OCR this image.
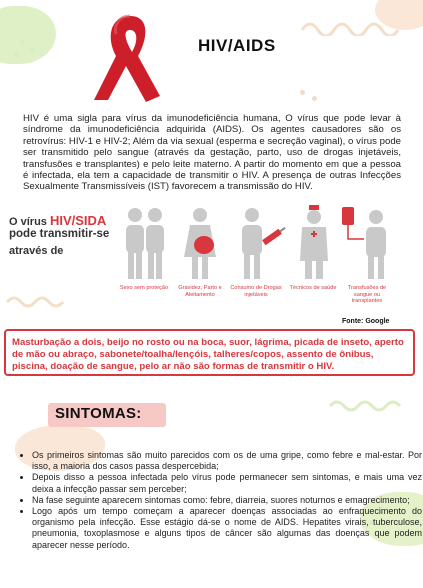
HIV/AIDS
HIV é uma sigla para vírus da imunodeficiência humana, O vírus que pode levar à síndrome da imunodeficiência adquirida (AIDS). Os agentes causadores são os retrovírus: HIV-1 e HIV-2; Além da via sexual (esperma e secreção vaginal), o vírus pode ser transmitido pelo sangue (através da gestação, parto, uso de drogas injetáveis, transfusões e transplantes) e pelo leite materno. A partir do momento em que a pessoa é infectada, ela tem a capacidade de transmitir o HIV. A presença de outras Infecções Sexualmente Transmissíveis (IST) favorecem a transmissão do HIV.
O vírus HIV/SIDA
pode transmitir-se
através de
Sexo sem proteção	Gravidez, Parto e Aleitamento
Consumo de Drogas injetáveis
Técnicos de saúde	Transfusões de sangue ou transplantes
Fonte: Google
Masturbação a dois, beijo no rosto ou na boca, suor, lágrima, picada de inseto, aperto de mão ou abraço, sabonete/toalha/lençóis, talheres/copos, assento de ônibus, piscina, doação de sangue, pelo ar não são formas de transmitir o HIV.
SINTOMAS:
• Os primeiros sintomas são muito parecidos com os de uma gripe, como febre e mal-estar. Por isso, a maioria dos casos passa despercebida;
• Depois disso a pessoa infectada pelo vírus pode permanecer sem sintomas, e mais uma vez deixa a infecção passar sem perceber;
• Na fase seguinte aparecem sintomas como: febre, diarreia, suores noturnos e emagrecimento;
• Logo após um tempo começam a aparecer doenças associadas ao enfraquecimento do organismo pela infecção. Esse estágio dá-se o nome de AIDS. Hepatites virais, tuberculose, pneumonia, toxoplasmose e alguns tipos de câncer são algumas das doenças que podem aparecer nesse período.
